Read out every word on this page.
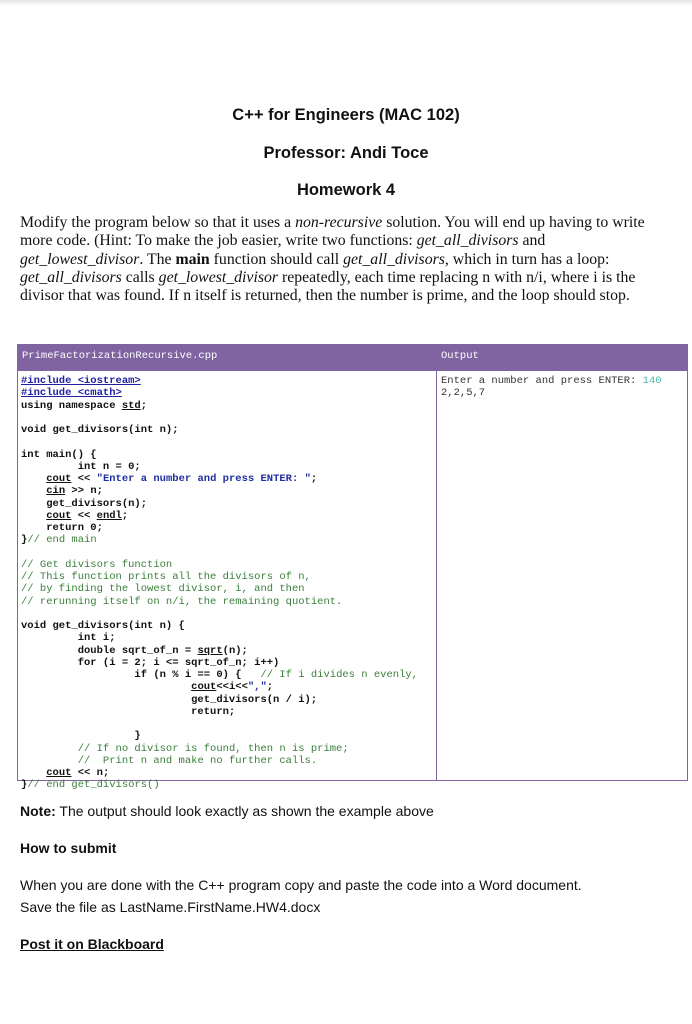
C++ for Engineers (MAC 102)
Professor: Andi Toce
Homework 4
Modify the program below so that it uses a non-recursive solution. You will end up having to write more code. (Hint: To make the job easier, write two functions: get_all_divisors and get_lowest_divisor. The main function should call get_all_divisors, which in turn has a loop: get_all_divisors calls get_lowest_divisor repeatedly, each time replacing n with n/i, where i is the divisor that was found. If n itself is returned, then the number is prime, and the loop should stop.
PrimeFactorizationRecursive.cpp	Output
#include <iostream>
#include <cmath>
using namespace std;

void get_divisors(int n);

int main() {
int n = 0;
cout << "Enter a number and press ENTER: ";
cin >> n;
get_divisors(n);
cout << endl;
return 0;
}// end main

// Get divisors function
// This function prints all the divisors of n,
// by finding the lowest divisor, i, and then
// rerunning itself on n/i, the remaining quotient.

void get_divisors(int n) {
int i;
double sqrt_of_n = sqrt(n);
for (i = 2; i <= sqrt_of_n; i++)
if (n % i == 0) {   // If i divides n evenly,
cout<<i<<",";
get_divisors(n / i);
return;

}
// If no divisor is found, then n is prime;
//  Print n and make no further calls.
cout << n;
}// end get_divisors()
Enter a number and press ENTER: 140
2,2,5,7
Note: The output should look exactly as shown the example above
How to submit
When you are done with the C++ program copy and paste the code into a Word document.
Save the file as LastName.FirstName.HW4.docx
Post it on Blackboard
